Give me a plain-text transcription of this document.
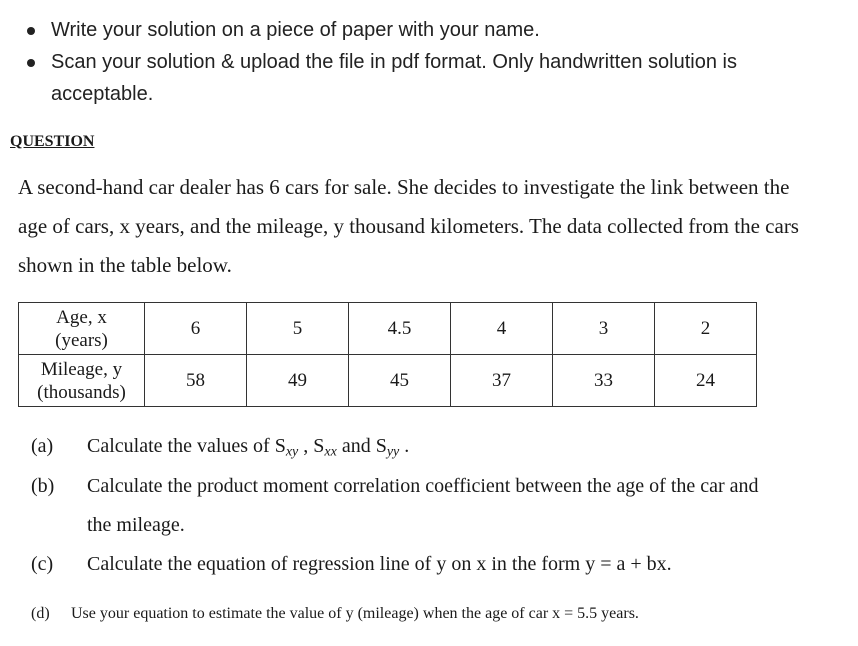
Write your solution on a piece of paper with your name.
Scan your solution & upload the file in pdf format. Only handwritten solution is
acceptable.
QUESTION
A second-hand car dealer has 6 cars for sale. She decides to investigate the link between the
age of cars, x years, and the mileage, y thousand kilometers. The data collected from the cars
shown in the table below.
Age, x
(years)	6	5	4.5	4	3	2

Mileage, y
(thousands)	58	49	45	37	33	24
(a) Calculate the values of $S_{xy}$ , $S_{xx}$ and $S_{yy}$ .
(b) Calculate the product moment correlation coefficient between the age of the car and
the mileage.
(c) Calculate the equation of regression line of y on x in the form y = a + bx.
(d) Use your equation to estimate the value of y (mileage) when the age of car x = 5.5 years.
